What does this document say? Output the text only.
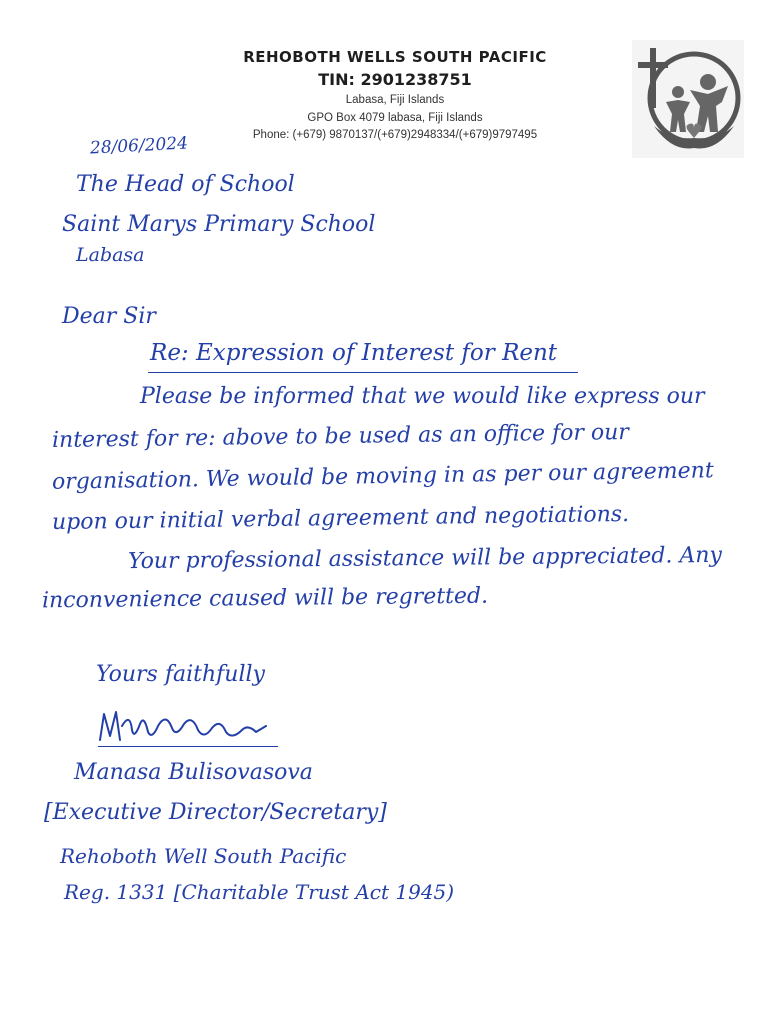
REHOBOTH WELLS SOUTH PACIFIC
TIN: 2901238751
Labasa, Fiji Islands
GPO Box 4079 labasa, Fiji Islands
Phone: (+679) 9870137/(+679)2948334/(+679)9797495
28/06/2024
The Head of School
Saint Marys Primary School
Labasa
Dear Sir
Re: Expression of Interest for Rent
Please be informed that we would like express our
interest for re: above to be used as an office for our
organisation. We would be moving in as per our agreement
upon our initial verbal agreement and negotiations.
Your professional assistance will be appreciated. Any
inconvenience caused will be regretted.
Yours faithfully
Manasa Bulisovasova
[Executive Director/Secretary]
Rehoboth Well South Pacific
Reg. 1331 [Charitable Trust Act 1945)
